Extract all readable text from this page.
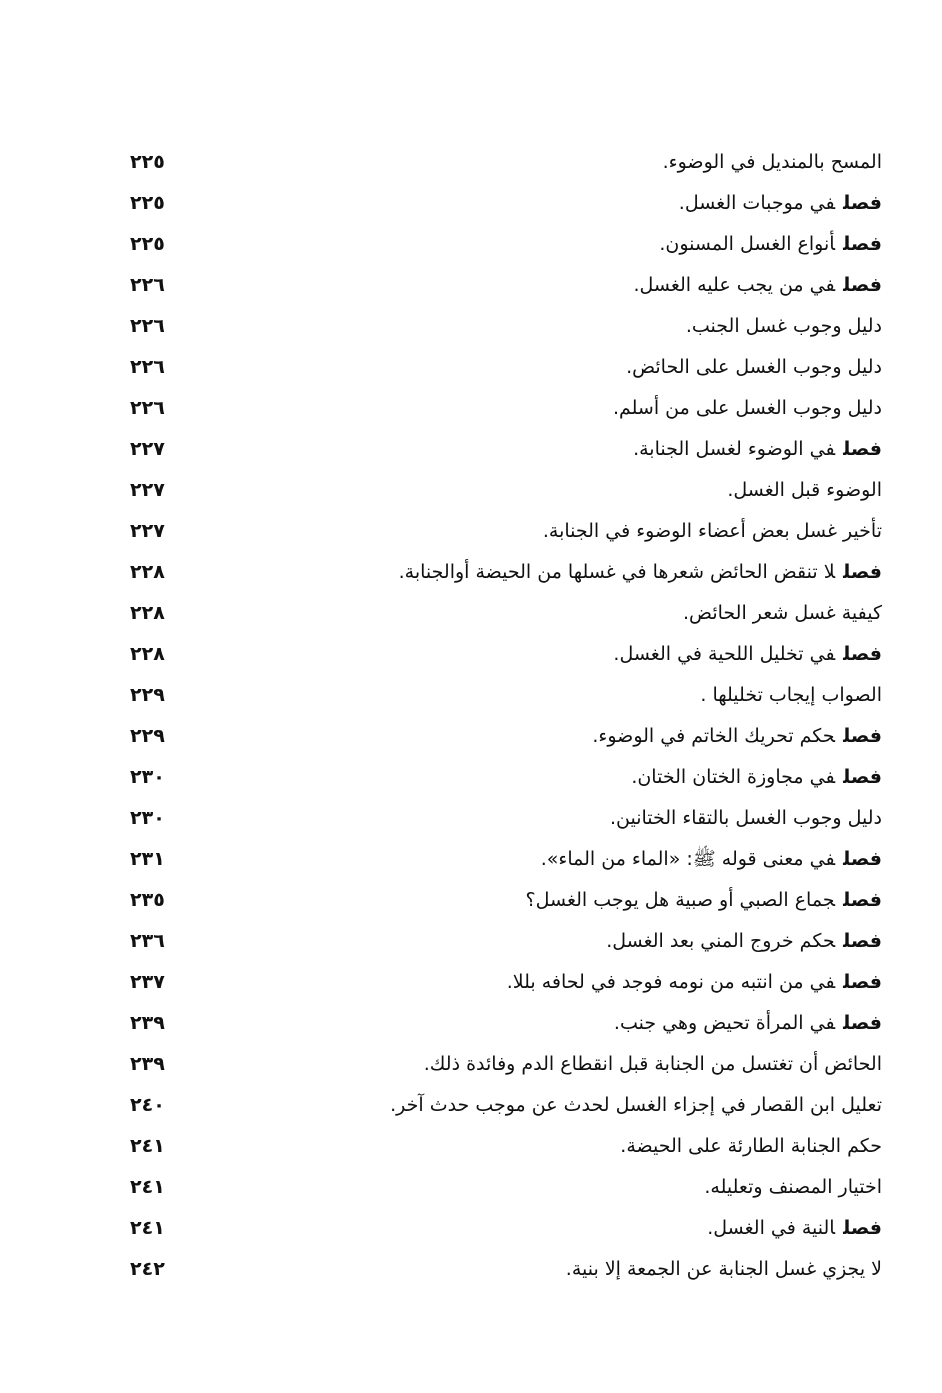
المسح بالمنديل في الوضوء.
٢٢٥
فصلفي موجبات الغسل.
٢٢٥
فصلأنواع الغسل المسنون.
٢٢٥
فصلفي من يجب عليه الغسل.
٢٢٦
دليل وجوب غسل الجنب.
٢٢٦
دليل وجوب الغسل على الحائض.
٢٢٦
دليل وجوب الغسل على من أسلم.
٢٢٦
فصلفي الوضوء لغسل الجنابة.
٢٢٧
الوضوء قبل الغسل.
٢٢٧
تأخير غسل بعض أعضاء الوضوء في الجنابة.
٢٢٧
فصللا تنقض الحائض شعرها في غسلها من الحيضة أوالجنابة.
٢٢٨
كيفية غسل شعر الحائض.
٢٢٨
فصلفي تخليل اللحية في الغسل.
٢٢٨
الصواب إيجاب تخليلها .
٢٢٩
فصلحكم تحريك الخاتم في الوضوء.
٢٢٩
فصلفي مجاوزة الختان الختان.
٢٣٠
دليل وجوب الغسل بالتقاء الختانين.
٢٣٠
فصلفي معنى قوله ﷺ: «الماء من الماء».
٢٣١
فصلجماع الصبي أو صبية هل يوجب الغسل؟
٢٣٥
فصلحكم خروج المني بعد الغسل.
٢٣٦
فصلفي من انتبه من نومه فوجد في لحافه بللا.
٢٣٧
فصلفي المرأة تحيض وهي جنب.
٢٣٩
الحائض أن تغتسل من الجنابة قبل انقطاع الدم وفائدة ذلك.
٢٣٩
تعليل ابن القصار في إجزاء الغسل لحدث عن موجب حدث آخر.
٢٤٠
حكم الجنابة الطارئة على الحيضة.
٢٤١
اختيار المصنف وتعليله.
٢٤١
فصلالنية في الغسل.
٢٤١
لا يجزي غسل الجنابة عن الجمعة إلا بنية.
٢٤٢
